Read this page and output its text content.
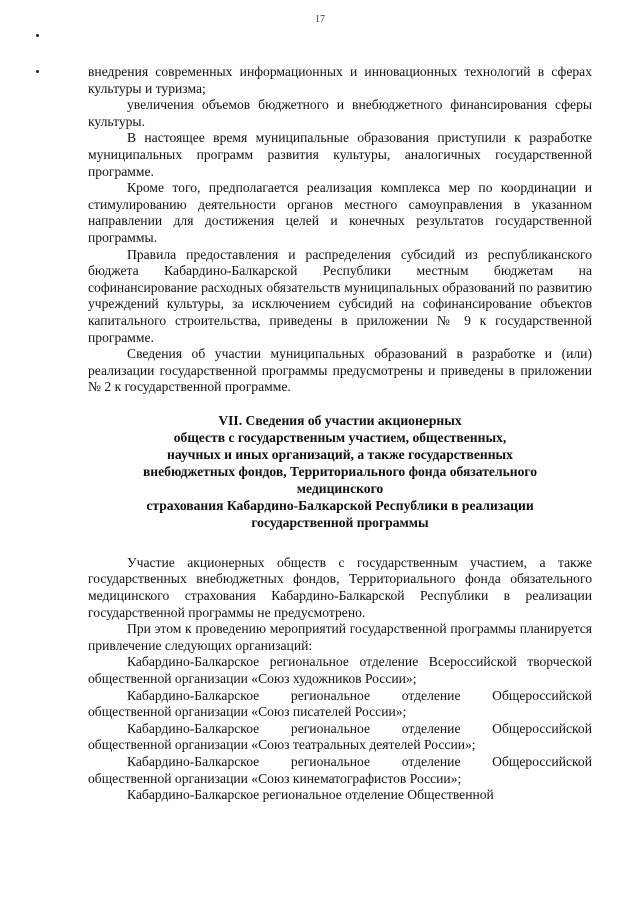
17

внедрения современных информационных и инновационных технологий в сферах культуры и туризма;

увеличения объемов бюджетного и внебюджетного финансирования сферы культуры.

В настоящее время муниципальные образования приступили к разработке муниципальных программ развития культуры, аналогичных государственной программе.

Кроме того, предполагается реализация комплекса мер по координации и стимулированию деятельности органов местного самоуправления в указанном направлении для достижения целей и конечных результатов государственной программы.

Правила предоставления и распределения субсидий из республиканского бюджета Кабардино-Балкарской Республики местным бюджетам на софинансирование расходных обязательств муниципальных образований по развитию учреждений культуры, за исключением субсидий на софинансирование объектов капитального строительства, приведены в приложении № 9 к государственной программе.

Сведения об участии муниципальных образований в разработке и (или) реализации государственной программы предусмотрены и приведены в приложении № 2 к государственной программе.

VII. Сведения об участии акционерных
обществ с государственным участием, общественных,
научных и иных организаций, а также государственных
внебюджетных фондов, Территориального фонда обязательного
медицинского
страхования Кабардино-Балкарской Республики в реализации
государственной программы

Участие акционерных обществ с государственным участием, а также государственных внебюджетных фондов, Территориального фонда обязательного медицинского страхования Кабардино-Балкарской Республики в реализации государственной программы не предусмотрено.

При этом к проведению мероприятий государственной программы планируется привлечение следующих организаций:

Кабардино-Балкарское региональное отделение Всероссийской творческой общественной организации «Союз художников России»;

Кабардино-Балкарское региональное отделение Общероссийской общественной организации «Союз писателей России»;

Кабардино-Балкарское региональное отделение Общероссийской общественной организации «Союз театральных деятелей России»;

Кабардино-Балкарское региональное отделение Общероссийской общественной организации «Союз кинематографистов России»;

Кабардино-Балкарское региональное отделение Общественной
